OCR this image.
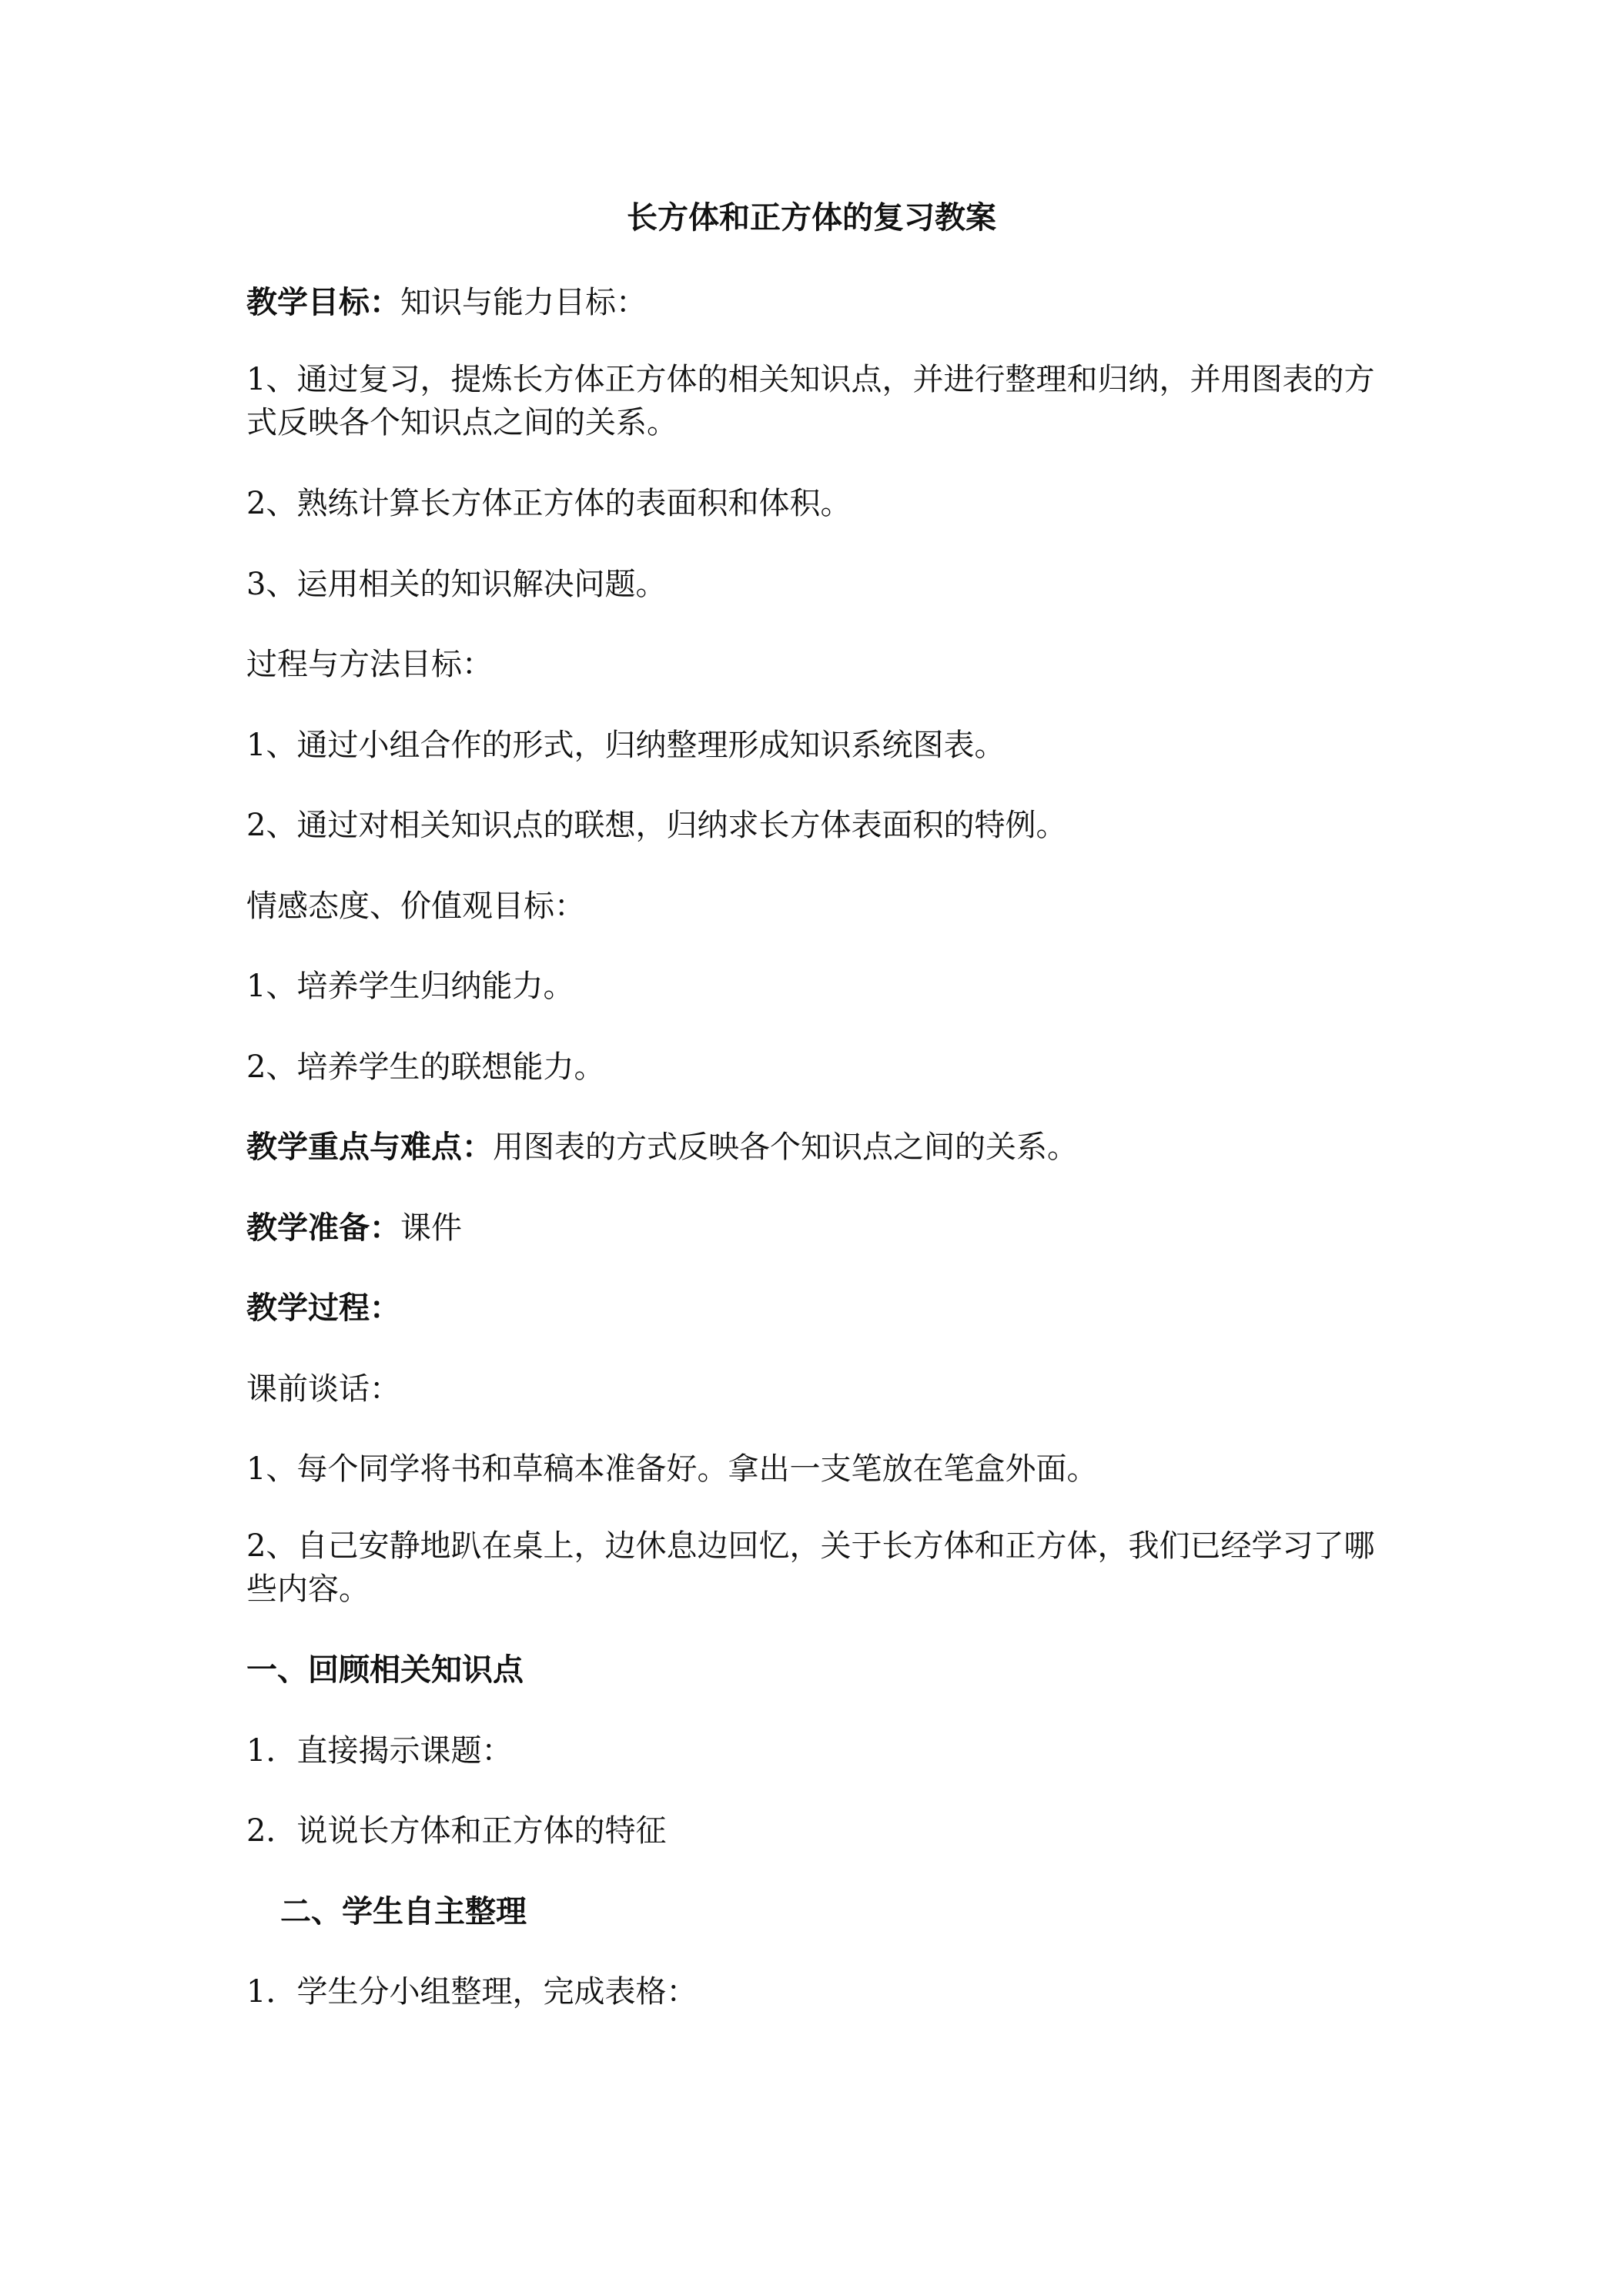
长方体和正方体的复习教案

教学目标：知识与能力目标：

1、通过复习，提炼长方体正方体的相关知识点，并进行整理和归纳，并用图表的方式反映各个知识点之间的关系。

2、熟练计算长方体正方体的表面积和体积。

3、运用相关的知识解决问题。

过程与方法目标：

1、通过小组合作的形式，归纳整理形成知识系统图表。

2、通过对相关知识点的联想，归纳求长方体表面积的特例。

情感态度、价值观目标：

1、培养学生归纳能力。

2、培养学生的联想能力。

教学重点与难点：用图表的方式反映各个知识点之间的关系。

教学准备：课件

教学过程：

课前谈话：

1、每个同学将书和草稿本准备好。拿出一支笔放在笔盒外面。

2、自己安静地趴在桌上，边休息边回忆，关于长方体和正方体，我们已经学习了哪些内容。

一、回顾相关知识点

1．直接揭示课题：

2．说说长方体和正方体的特征

二、学生自主整理

1．学生分小组整理，完成表格：
